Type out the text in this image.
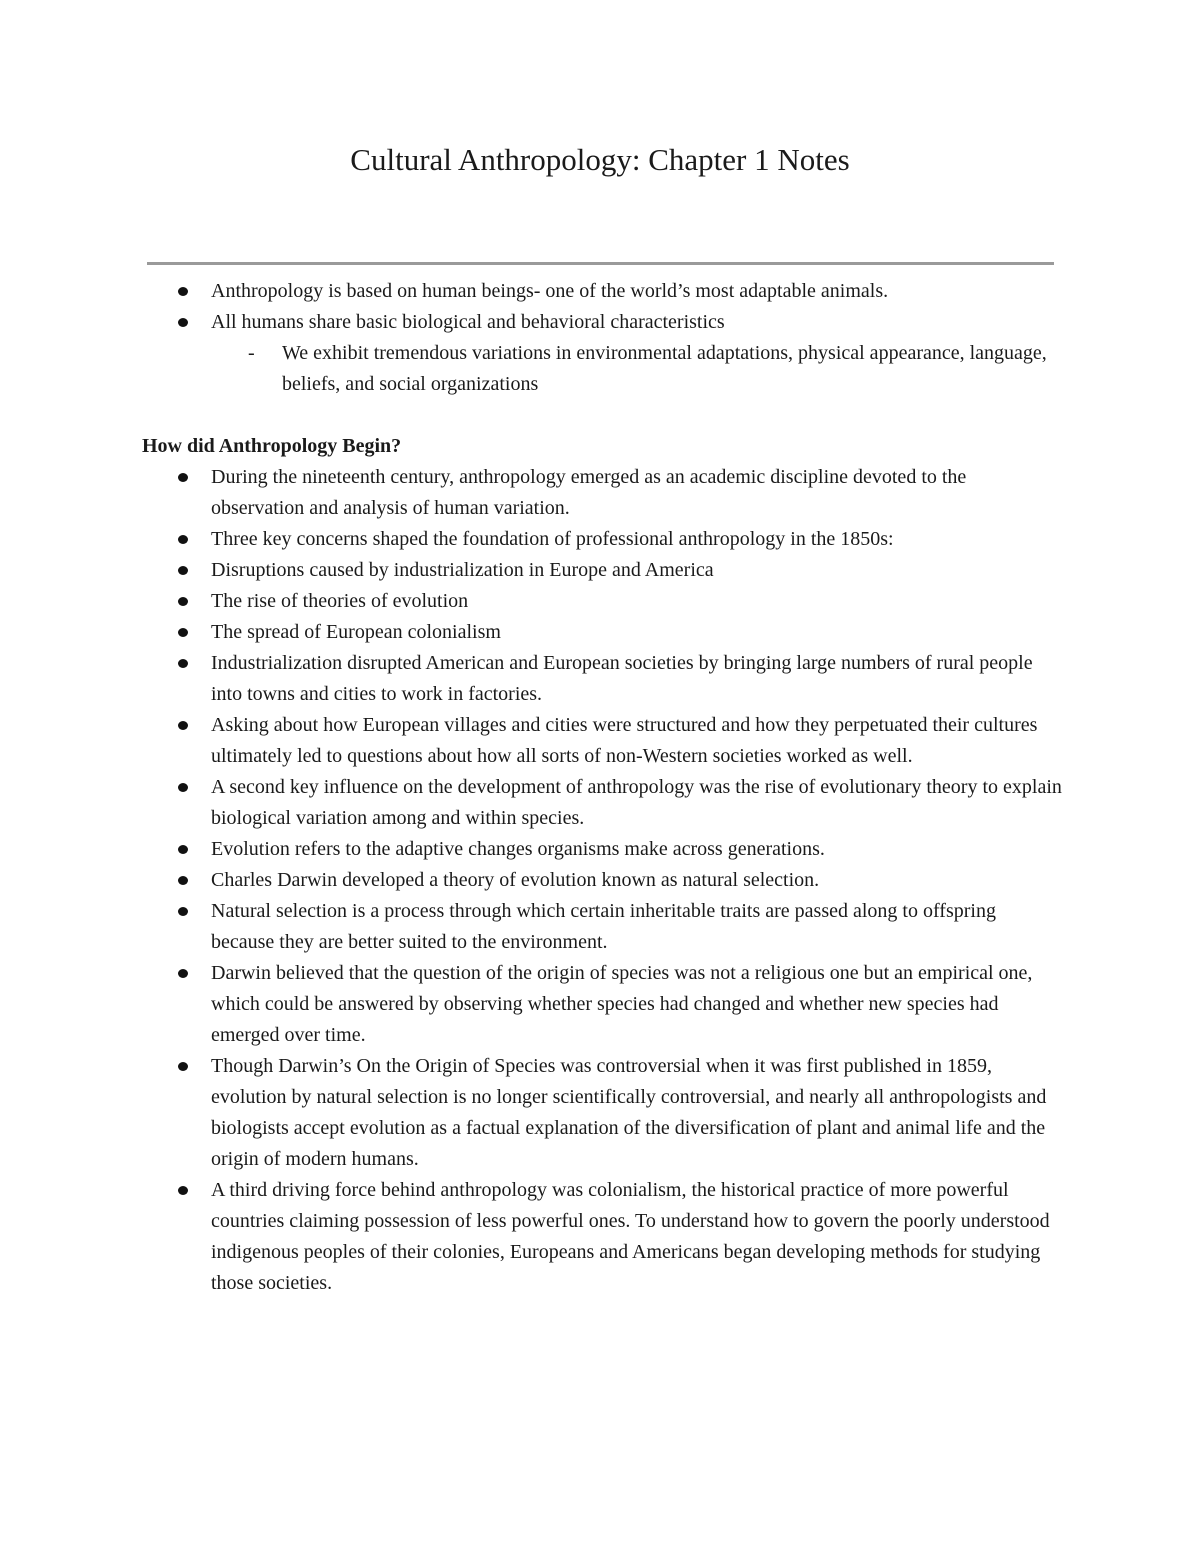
Cultural Anthropology: Chapter 1 Notes
Anthropology is based on human beings- one of the world’s most adaptable animals.
All humans share basic biological and behavioral characteristics
- We exhibit tremendous variations in environmental adaptations, physical appearance, language, beliefs, and social organizations
How did Anthropology Begin?
During the nineteenth century, anthropology emerged as an academic discipline devoted to the observation and analysis of human variation.
Three key concerns shaped the foundation of professional anthropology in the 1850s:
Disruptions caused by industrialization in Europe and America
The rise of theories of evolution
The spread of European colonialism
Industrialization disrupted American and European societies by bringing large numbers of rural people into towns and cities to work in factories.
Asking about how European villages and cities were structured and how they perpetuated their cultures ultimately led to questions about how all sorts of non-Western societies worked as well.
A second key influence on the development of anthropology was the rise of evolutionary theory to explain biological variation among and within species.
Evolution refers to the adaptive changes organisms make across generations.
Charles Darwin developed a theory of evolution known as natural selection.
Natural selection is a process through which certain inheritable traits are passed along to offspring because they are better suited to the environment.
Darwin believed that the question of the origin of species was not a religious one but an empirical one, which could be answered by observing whether species had changed and whether new species had emerged over time.
Though Darwin’s On the Origin of Species was controversial when it was first published in 1859, evolution by natural selection is no longer scientifically controversial, and nearly all anthropologists and biologists accept evolution as a factual explanation of the diversification of plant and animal life and the origin of modern humans.
A third driving force behind anthropology was colonialism, the historical practice of more powerful countries claiming possession of less powerful ones. To understand how to govern the poorly understood indigenous peoples of their colonies, Europeans and Americans began developing methods for studying those societies.
